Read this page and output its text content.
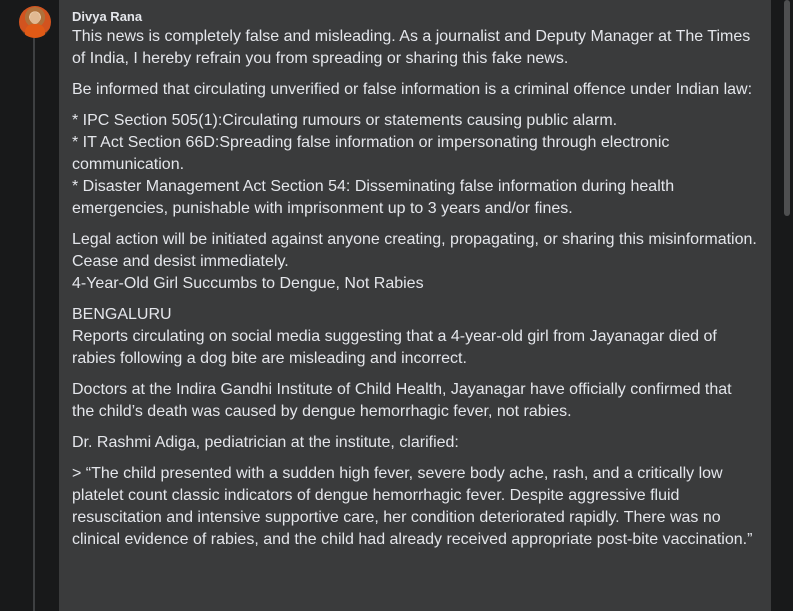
Divya Rana

This news is completely false and misleading. As a journalist and Deputy Manager at The Times of India, I hereby refrain you from spreading or sharing this fake news.

Be informed that circulating unverified or false information is a criminal offence under Indian law:

* IPC Section 505(1):Circulating rumours or statements causing public alarm.
* IT Act Section 66D:Spreading false information or impersonating through electronic communication.
* Disaster Management Act Section 54: Disseminating false information during health emergencies, punishable with imprisonment up to 3 years and/or fines.

Legal action will be initiated against anyone creating, propagating, or sharing this misinformation. Cease and desist immediately.
4-Year-Old Girl Succumbs to Dengue, Not Rabies

BENGALURU
Reports circulating on social media suggesting that a 4-year-old girl from Jayanagar died of rabies following a dog bite are misleading and incorrect.

Doctors at the Indira Gandhi Institute of Child Health, Jayanagar have officially confirmed that the child’s death was caused by dengue hemorrhagic fever, not rabies.

Dr. Rashmi Adiga, pediatrician at the institute, clarified:

> “The child presented with a sudden high fever, severe body ache, rash, and a critically low platelet count classic indicators of dengue hemorrhagic fever. Despite aggressive fluid resuscitation and intensive supportive care, her condition deteriorated rapidly. There was no clinical evidence of rabies, and the child had already received appropriate post-bite vaccination.”
